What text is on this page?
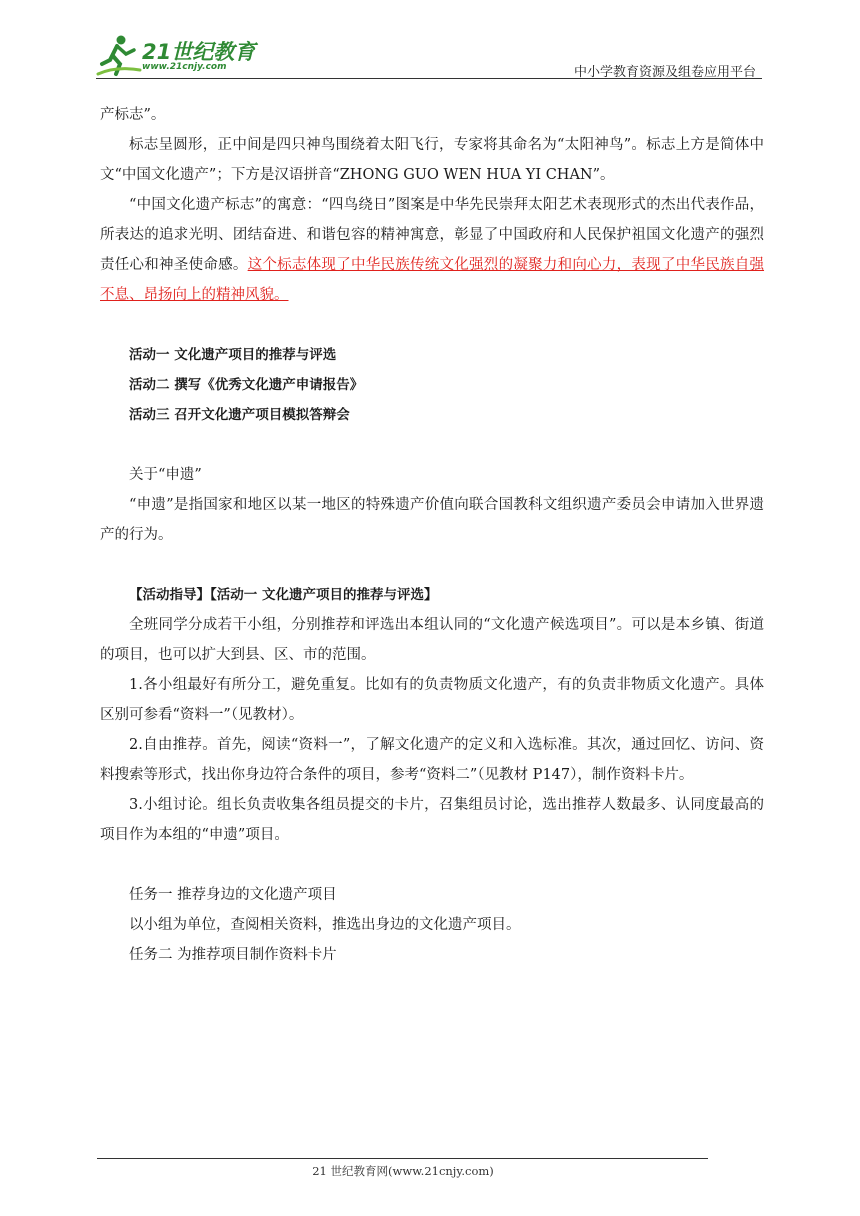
21世纪教育
www.21cnjy.com	中小学教育资源及组卷应用平台

产标志”。

标志呈圆形，正中间是四只神鸟围绕着太阳飞行，专家将其命名为“太阳神鸟”。标志上方是简体中文“中国文化遗产”；下方是汉语拼音“ZHONG GUO WEN HUA YI CHAN”。

“中国文化遗产标志”的寓意：“四鸟绕日”图案是中华先民崇拜太阳艺术表现形式的杰出代表作品，所表达的追求光明、团结奋进、和谐包容的精神寓意，彰显了中国政府和人民保护祖国文化遗产的强烈责任心和神圣使命感。这个标志体现了中华民族传统文化强烈的凝聚力和向心力，表现了中华民族自强不息、昂扬向上的精神风貌。

活动一 文化遗产项目的推荐与评选

活动二 撰写《优秀文化遗产申请报告》

活动三 召开文化遗产项目模拟答辩会

关于“申遗”

“申遗”是指国家和地区以某一地区的特殊遗产价值向联合国教科文组织遗产委员会申请加入世界遗产的行为。

【活动指导】【活动一 文化遗产项目的推荐与评选】

全班同学分成若干小组，分别推荐和评选出本组认同的“文化遗产候选项目”。可以是本乡镇、街道的项目，也可以扩大到县、区、市的范围。

1.各小组最好有所分工，避免重复。比如有的负责物质文化遗产，有的负责非物质文化遗产。具体区别可参看“资料一”（见教材）。

2.自由推荐。首先，阅读“资料一”，了解文化遗产的定义和入选标准。其次，通过回忆、访问、资料搜索等形式，找出你身边符合条件的项目，参考“资料二”（见教材 P147），制作资料卡片。

3.小组讨论。组长负责收集各组员提交的卡片，召集组员讨论，选出推荐人数最多、认同度最高的项目作为本组的“申遗”项目。

任务一 推荐身边的文化遗产项目

以小组为单位，查阅相关资料，推选出身边的文化遗产项目。

任务二 为推荐项目制作资料卡片

21 世纪教育网(www.21cnjy.com)
